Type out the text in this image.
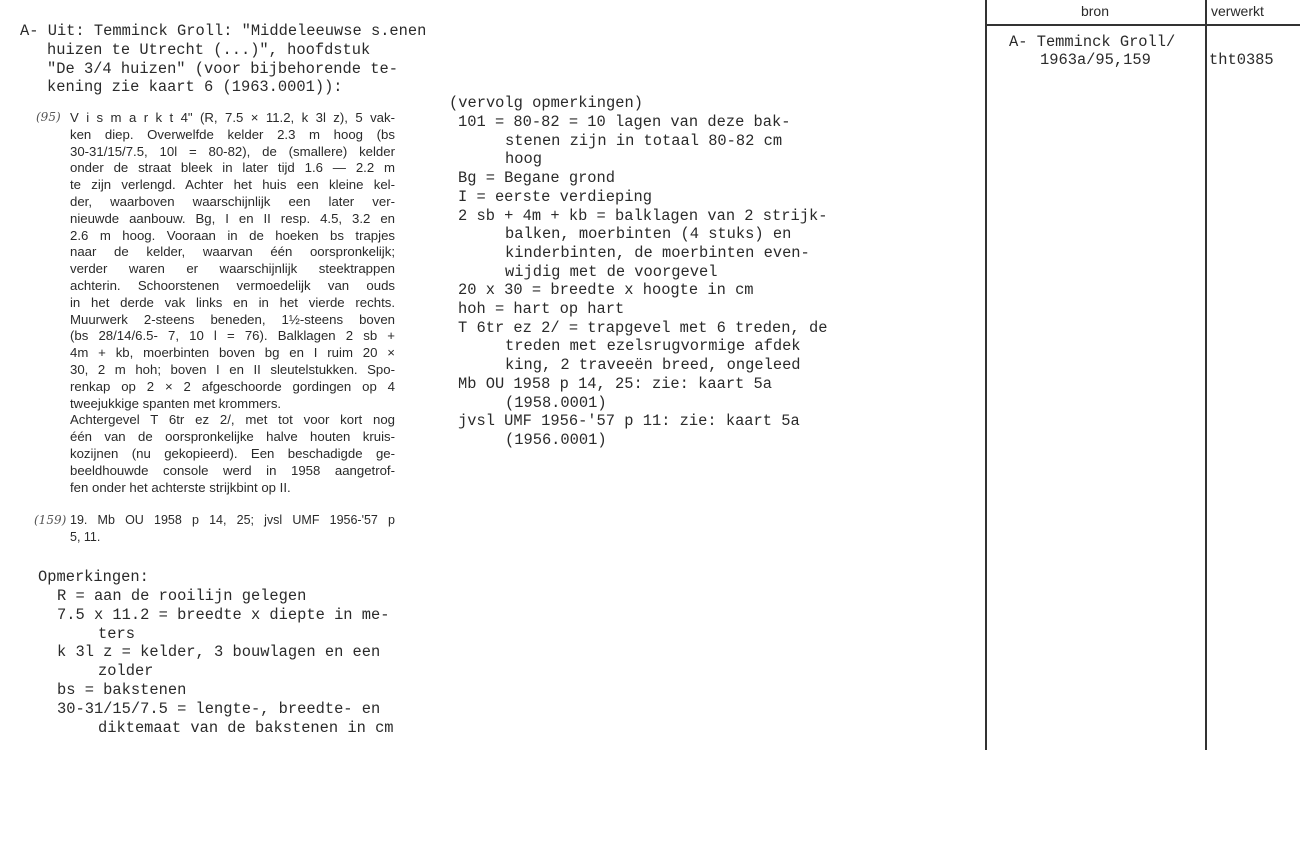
A- Uit: Temminck Groll: "Middeleeuwse s.enen
huizen te Utrecht (...)", hoofdstuk
"De 3/4 huizen" (voor bijbehorende te-
kening zie kaart 6 (1963.0001)):
(95) V i s m a r k t 4" (R, 7.5 × 11.2, k 3l z), 5 vak-
ken diep. Overwelfde kelder 2.3 m hoog (bs
30-31/15/7.5, 10l = 80-82), de (smallere) kelder
onder de straat bleek in later tijd 1.6 — 2.2 m
te zijn verlengd. Achter het huis een kleine kel-
der, waarboven waarschijnlijk een later ver-
nieuwde aanbouw. Bg, I en II resp. 4.5, 3.2 en
2.6 m hoog. Vooraan in de hoeken bs trapjes
naar de kelder, waarvan één oorspronkelijk;
verder waren er waarschijnlijk steektrappen
achterin. Schoorstenen vermoedelijk van ouds
in het derde vak links en in het vierde rechts.
Muurwerk 2-steens beneden, 1½-steens boven
(bs 28/14/6.5- 7, 10 l = 76). Balklagen 2 sb +
4m + kb, moerbinten boven bg en I ruim 20 ×
30, 2 m hoh; boven I en II sleutelstukken. Spo-
renkap op 2 × 2 afgeschoorde gordingen op 4
tweejukkige spanten met krommers.
Achtergevel T 6tr ez 2/, met tot voor kort nog
één van de oorspronkelijke halve houten kruis-
kozijnen (nu gekopieerd). Een beschadigde ge-
beeldhouwde console werd in 1958 aangetrof-
fen onder het achterste strijkbint op II.
(159) 19. Mb OU 1958 p 14, 25; jvsl UMF 1956-'57 p
5, 11.
Opmerkingen:
R = aan de rooilijn gelegen
7.5 x 11.2 = breedte x diepte in me-
ters
k 3l z = kelder, 3 bouwlagen en een
zolder
bs = bakstenen
30-31/15/7.5 = lengte-, breedte- en
diktemaat van de bakstenen in cm
(vervolg opmerkingen)
101 = 80-82 = 10 lagen van deze bak-
stenen zijn in totaal 80-82 cm
hoog
Bg = Begane grond
I = eerste verdieping
2 sb + 4m + kb = balklagen van 2 strijk-
balken, moerbinten (4 stuks) en
kinderbinten, de moerbinten even-
wijdig met de voorgevel
20 x 30 = breedte x hoogte in cm
hoh = hart op hart
T 6tr ez 2/ = trapgevel met 6 treden, de
treden met ezelsrugvormige afdek
king, 2 traveeën breed, ongeleed
Mb OU 1958 p 14, 25: zie: kaart 5a
(1958.0001)
jvsl UMF 1956-'57 p 11: zie: kaart 5a
(1956.0001)
bron	verwerkt
A- Temminck Groll/
1963a/95,159	tht0385
